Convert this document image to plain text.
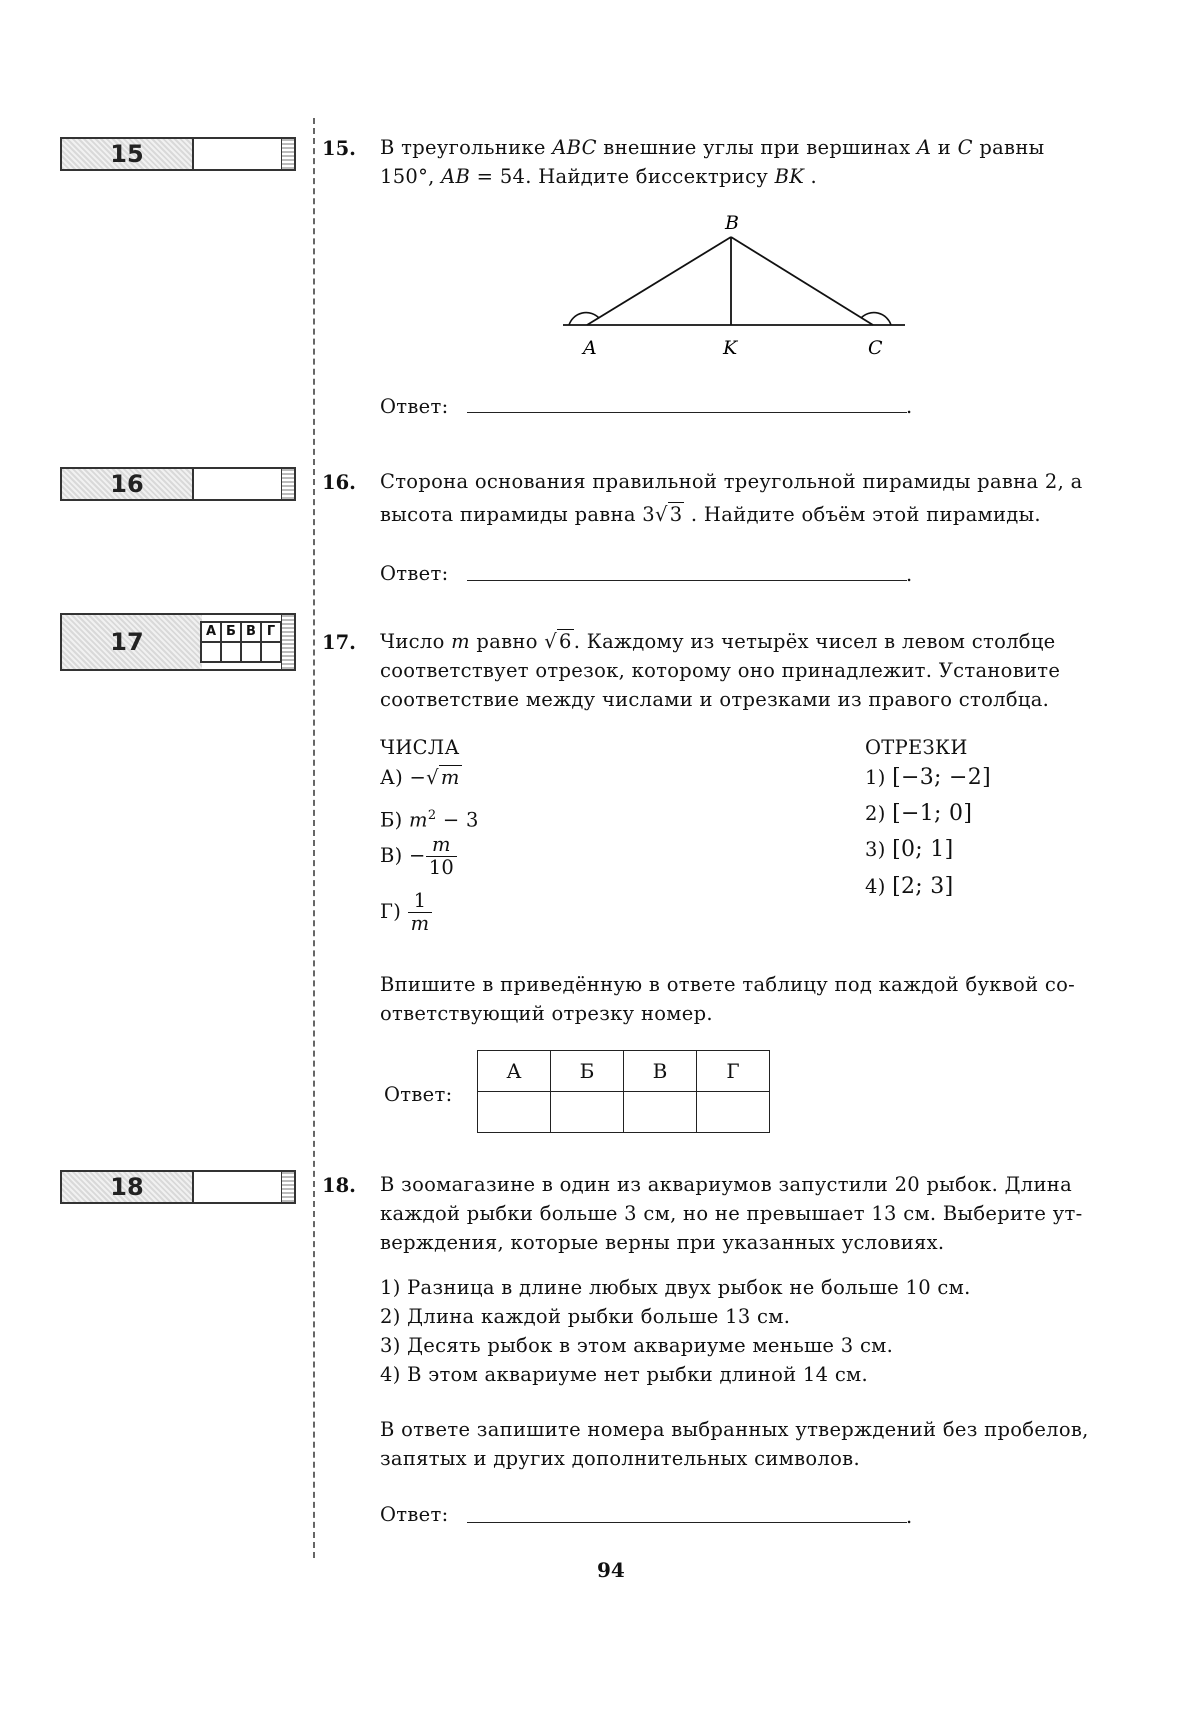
15
16
17	А Б В Г
18
15. В треугольнике ABC внешние углы при вершинах A и C равны
150°, AB = 54. Найдите биссектрису BK .
B
A	K	C
Ответ:	.
16. Сторона основания правильной треугольной пирамиды равна 2, а
высота пирамиды равна 3√ 3 . Найдите объём этой пирамиды.
Ответ:	.
17. Число m равно √ 6 . Каждому из четырёх чисел в левом столбце
соответствует отрезок, которому оно принадлежит. Установите
соответствие между числами и отрезками из правого столбца.
ЧИСЛА	ОТРЕЗКИ
А) −√ m
Б) $m^2 - 3$
$В) - \frac{m}{10}$
$Г) \frac{1}{m}$
1) [−3; −2]
2) [−1; 0]
3) [0; 1]
4) [2; 3]
Впишите в приведённую в ответе таблицу под каждой буквой со-
ответствующий отрезку номер.
Ответ:
А	Б	В	Г

18. В зоомагазине в один из аквариумов запустили 20 рыбок. Длина
каждой рыбки больше 3 см, но не превышает 13 см. Выберите ут-
верждения, которые верны при указанных условиях.
1) Разница в длине любых двух рыбок не больше 10 см.
2) Длина каждой рыбки больше 13 см.
3) Десять рыбок в этом аквариуме меньше 3 см.
4) В этом аквариуме нет рыбки длиной 14 см.
В ответе запишите номера выбранных утверждений без пробелов,
запятых и других дополнительных символов.
Ответ:	.
94
